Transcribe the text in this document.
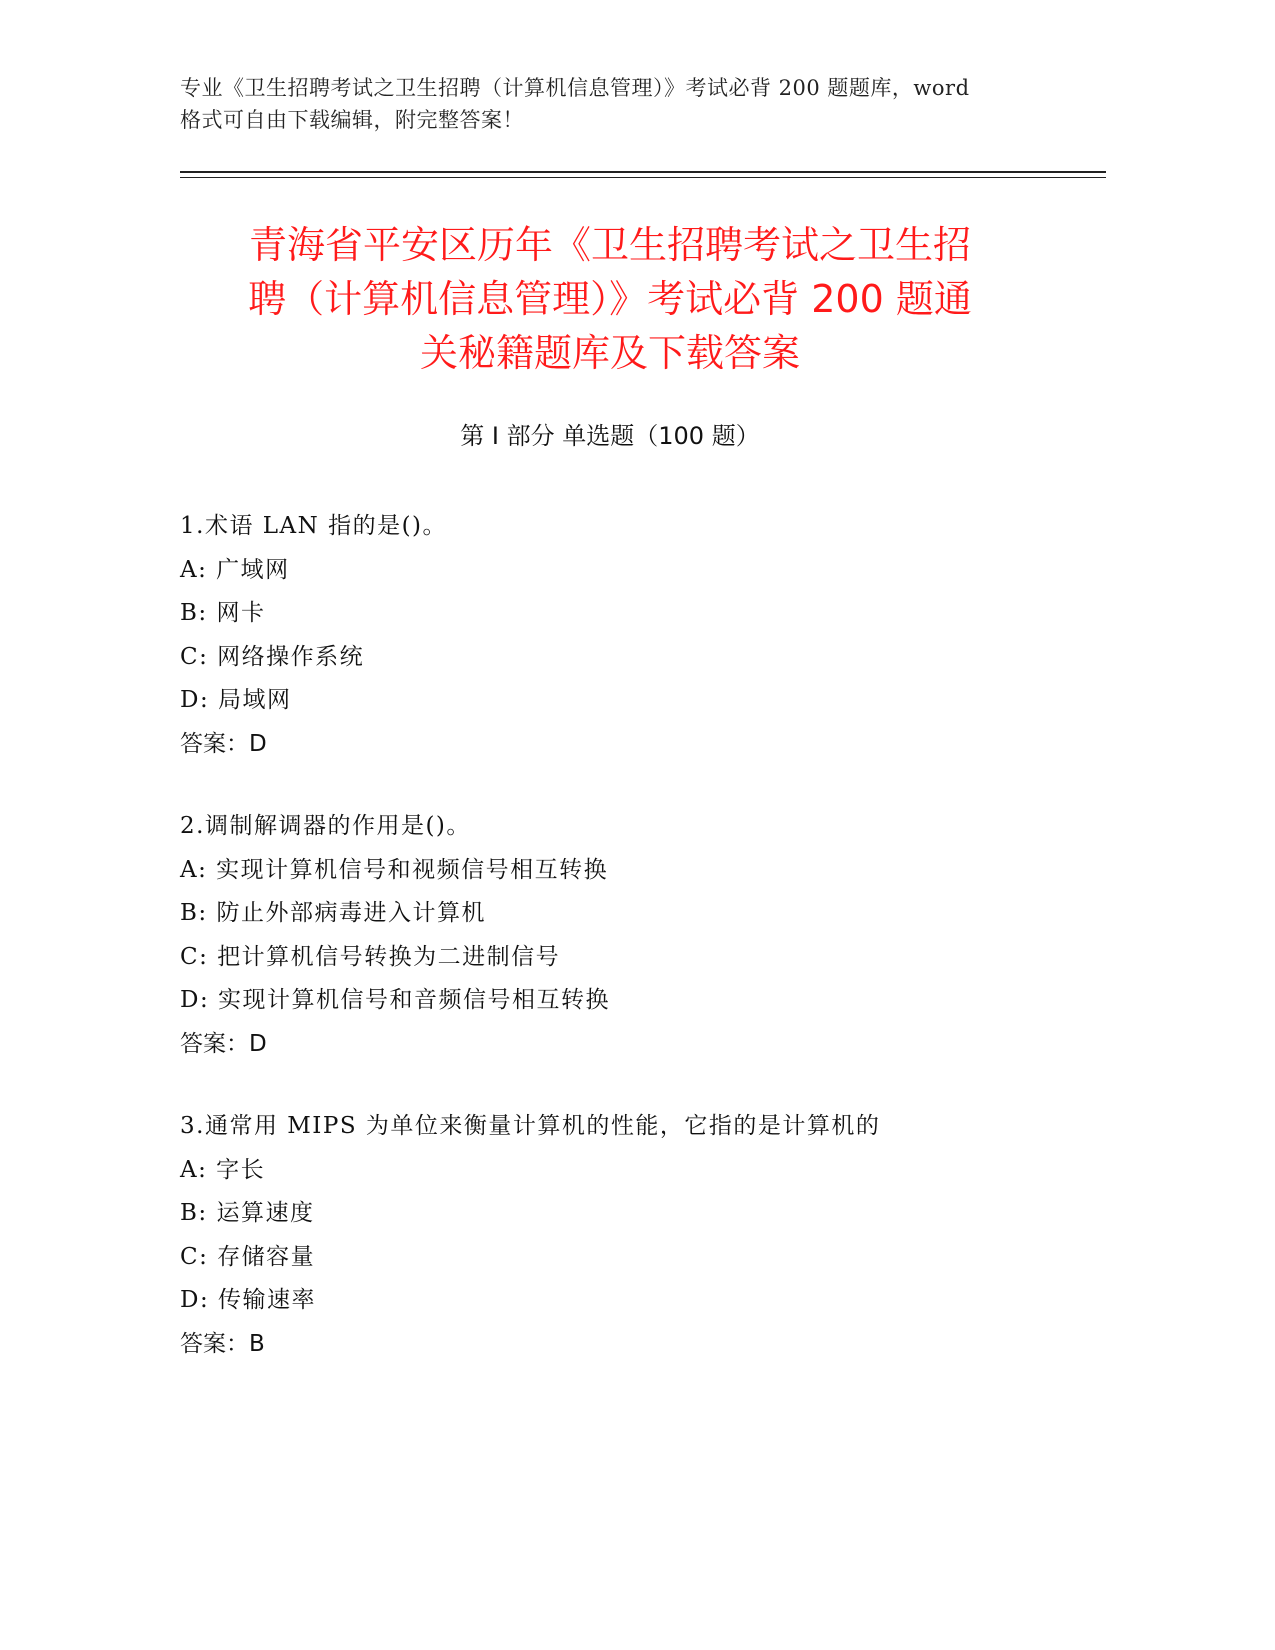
专业《卫生招聘考试之卫生招聘（计算机信息管理）》考试必背 200 题题库，word
格式可自由下载编辑，附完整答案！
青海省平安区历年《卫生招聘考试之卫生招
聘（计算机信息管理）》考试必背 200 题通
关秘籍题库及下载答案
第 I 部分 单选题（100 题）
1.术语 LAN 指的是()。
A: 广域网
B: 网卡
C: 网络操作系统
D: 局域网
答案：D
2.调制解调器的作用是()。
A: 实现计算机信号和视频信号相互转换
B: 防止外部病毒进入计算机
C: 把计算机信号转换为二进制信号
D: 实现计算机信号和音频信号相互转换
答案：D
3.通常用 MIPS 为单位来衡量计算机的性能，它指的是计算机的
A: 字长
B: 运算速度
C: 存储容量
D: 传输速率
答案：B
